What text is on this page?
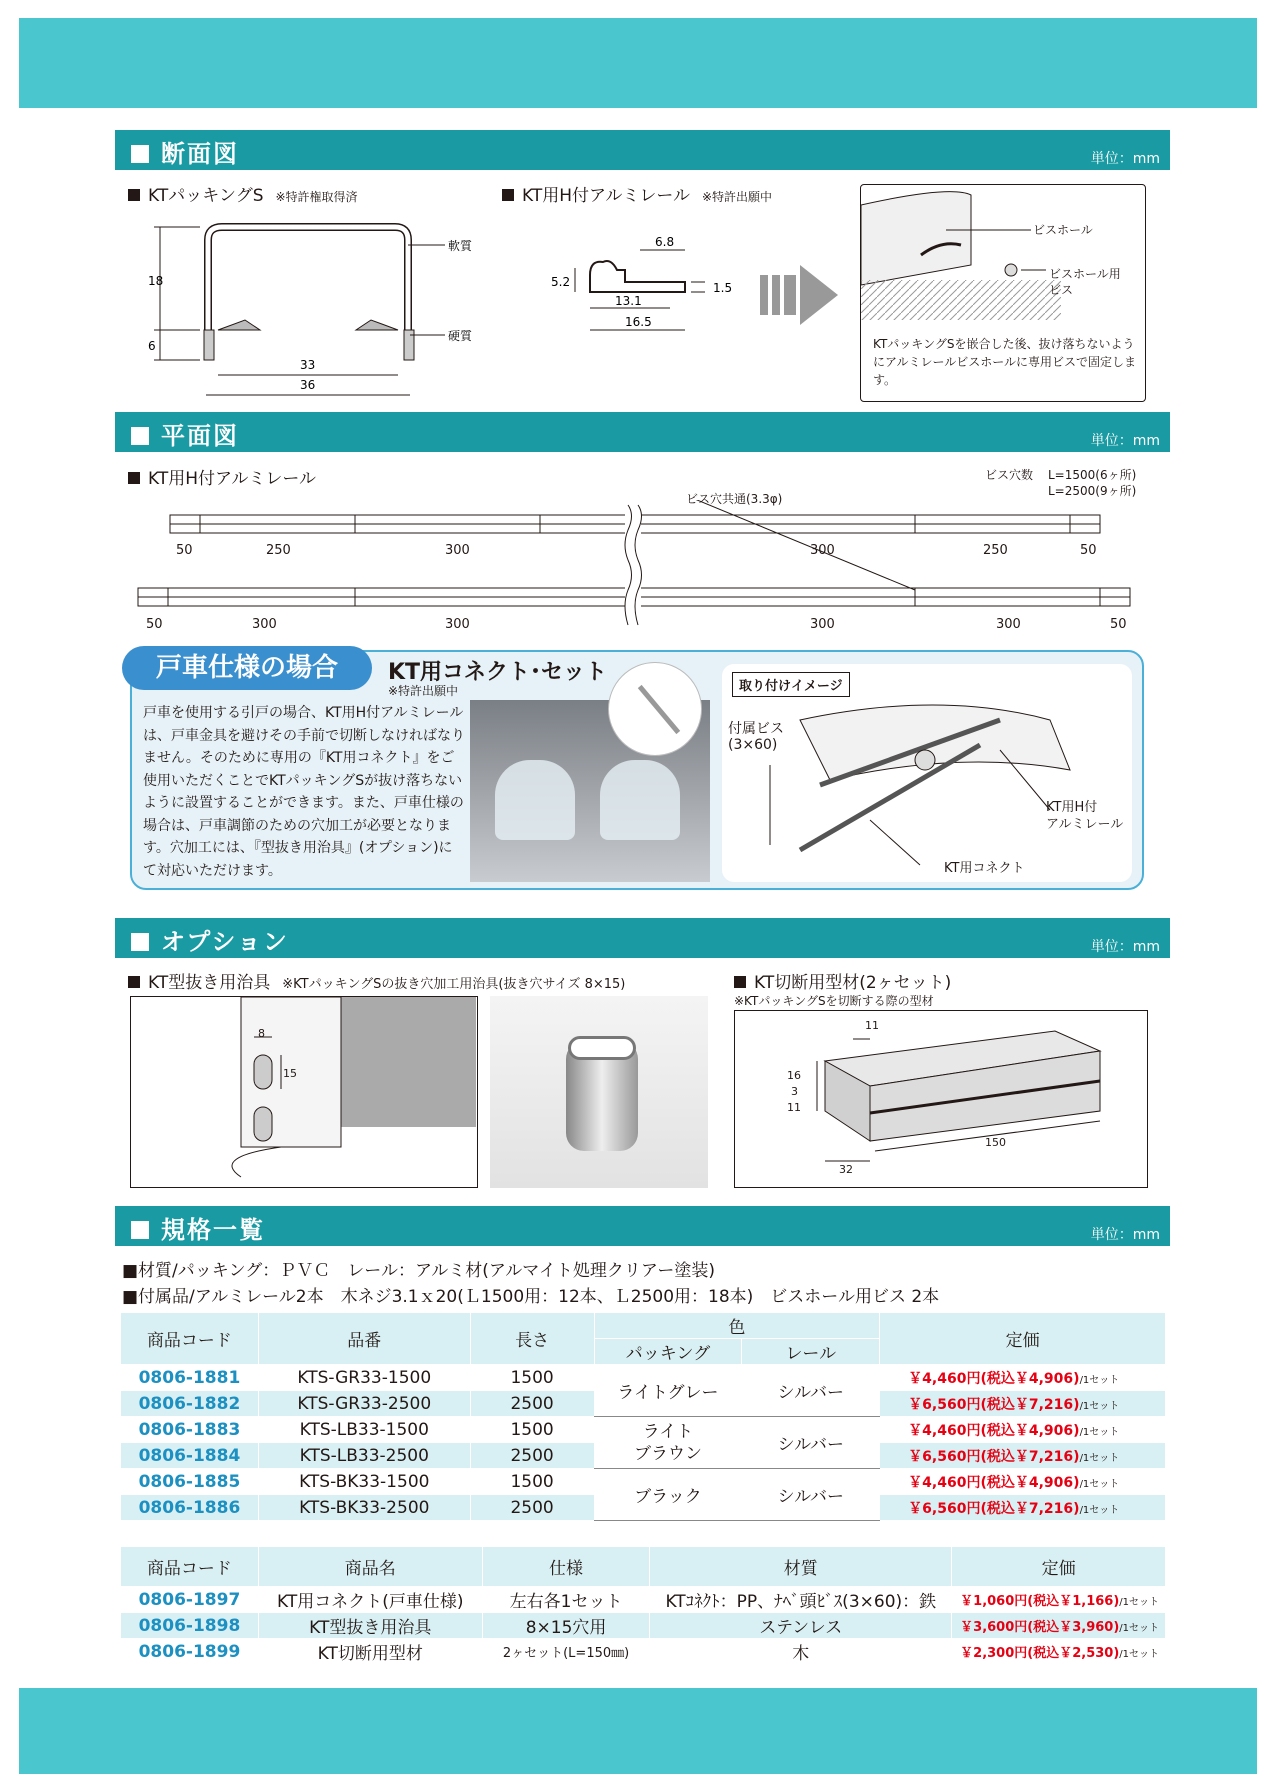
断面図	単位：mm
KTパッキングS ※特許権取得済	KT用H付アルミレール ※特許出願中
18
6
33
36
軟質
硬質
6.8
5.2	1.5
13.1
16.5
ビスホール
ビスホール用
ビス
KTパッキングSを嵌合した後、抜け落ちないようにアルミレールビスホールに専用ビスで固定します。
平面図	単位：mm
KT用H付アルミレール	ビス穴数 L=1500(6ヶ所)
L=2500(9ヶ所)
ビス穴共通(3.3φ)
50	250	300	300	250	50
50	300	300	300	300	50
戸車仕様の場合	KT用コネクト･セット
※特許出願中
戸車を使用する引戸の場合、KT用H付アルミレールは、戸車金具を避けその手前で切断しなければなりません。そのために専用の『KT用コネクト』をご使用いただくことでKTパッキングSが抜け落ちないように設置することができます。また、戸車仕様の場合は、戸車調節のための穴加工が必要となります。穴加工には、『型抜き用治具』(オプション)にて対応いただけます。
取り付けイメージ
付属ビス
(3×60)
KT用H付
アルミレール
KT用コネクト
オプション	単位：mm
KT型抜き用治具 ※KTパッキングSの抜き穴加工用治具(抜き穴サイズ 8×15)	KT切断用型材(2ヶセット)
※KTパッキングSを切断する際の型材
8
15
11
16
3
11
32
150
規格一覧	単位：mm
■材質/パッキング：ＰＶＣ　レール：アルミ材(アルマイト処理クリアー塗装)
■付属品/アルミレール2本　木ネジ3.1ｘ20(Ｌ1500用：12本、Ｌ2500用：18本)　ビスホール用ビス 2本
商品コード	品番	長さ	色		定価
			パッキング	レール	
0806-1881	KTS-GR33-1500	1500	ライトグレー	シルバー	￥4,460円(税込￥4,906)/1セット
0806-1882	KTS-GR33-2500	2500			￥6,560円(税込￥7,216)/1セット
0806-1883	KTS-LB33-1500	1500	ライト
ブラウン	シルバー	￥4,460円(税込￥4,906)/1セット
0806-1884	KTS-LB33-2500	2500			￥6,560円(税込￥7,216)/1セット
0806-1885	KTS-BK33-1500	1500	ブラック	シルバー	￥4,460円(税込￥4,906)/1セット
0806-1886	KTS-BK33-2500	2500			￥6,560円(税込￥7,216)/1セット
商品コード	商品名	仕様	材質	定価
0806-1897	KT用コネクト(戸車仕様)	左右各1セット	KTｺﾈｸﾄ：PP、ﾅﾍﾞ頭ﾋﾞｽ(3×60)：鉄	￥1,060円(税込￥1,166)/1セット
0806-1898	KT型抜き用治具	8×15穴用	ステンレス	￥3,600円(税込￥3,960)/1セット
0806-1899	KT切断用型材	2ヶセット(L=150㎜)	木	￥2,300円(税込￥2,530)/1セット
